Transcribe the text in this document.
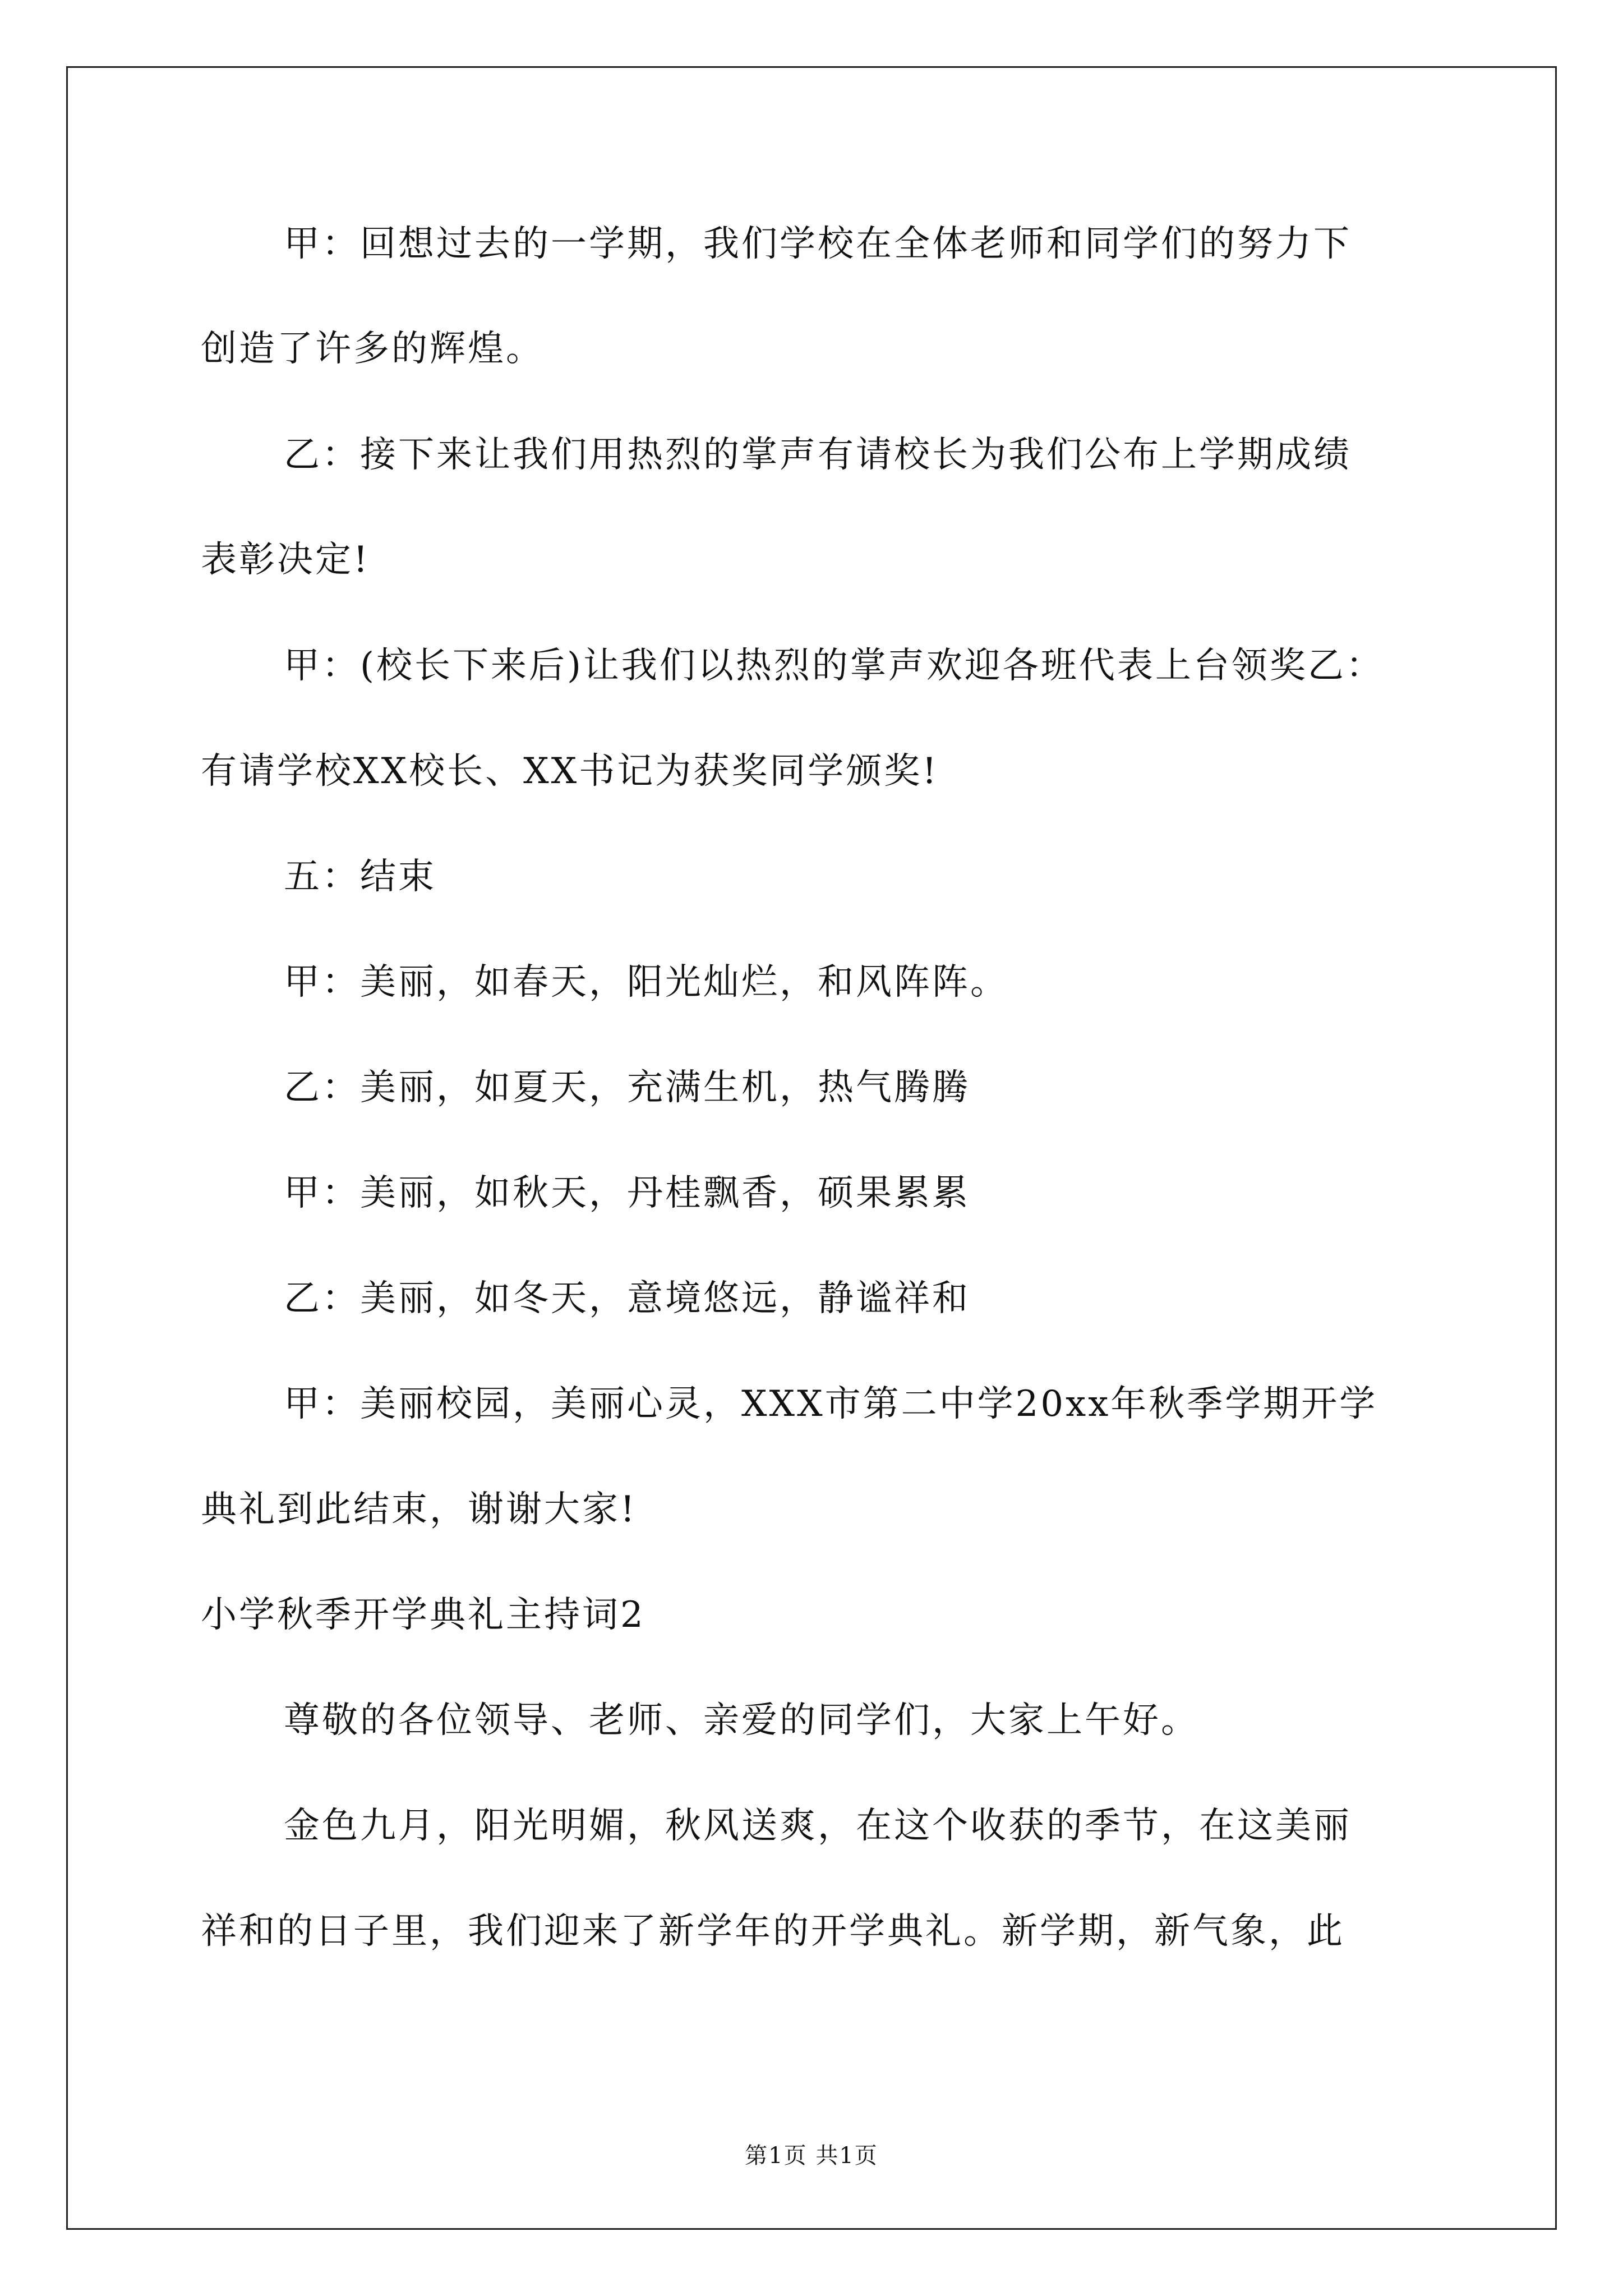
甲：回想过去的一学期，我们学校在全体老师和同学们的努力下
创造了许多的辉煌。
乙：接下来让我们用热烈的掌声有请校长为我们公布上学期成绩
表彰决定!
甲：(校长下来后)让我们以热烈的掌声欢迎各班代表上台领奖乙：
有请学校XX校长、XX书记为获奖同学颁奖!
五：结束
甲：美丽，如春天，阳光灿烂，和风阵阵。
乙：美丽，如夏天，充满生机，热气腾腾
甲：美丽，如秋天，丹桂飘香，硕果累累
乙：美丽，如冬天，意境悠远，静谧祥和
甲：美丽校园，美丽心灵，XXX市第二中学20xx年秋季学期开学
典礼到此结束，谢谢大家!
小学秋季开学典礼主持词2
尊敬的各位领导、老师、亲爱的同学们，大家上午好。
金色九月，阳光明媚，秋风送爽，在这个收获的季节，在这美丽
祥和的日子里，我们迎来了新学年的开学典礼。新学期，新气象，此
第1页 共1页
